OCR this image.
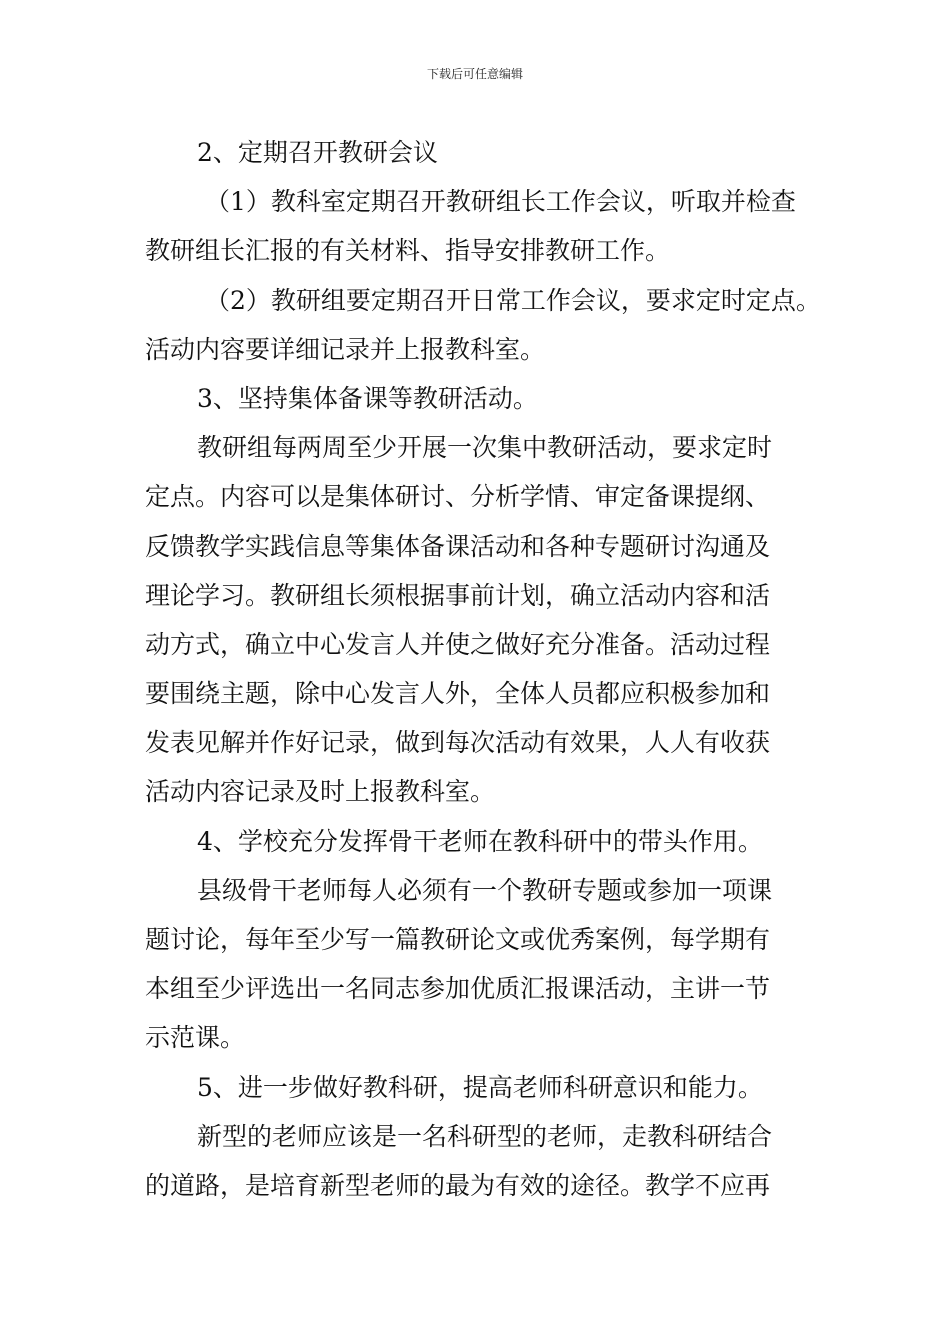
下载后可任意编辑

2、定期召开教研会议

（1）教科室定期召开教研组长工作会议，听取并检查
教研组长汇报的有关材料、指导安排教研工作。

（2）教研组要定期召开日常工作会议，要求定时定点。
活动内容要详细记录并上报教科室。

3、坚持集体备课等教研活动。

教研组每两周至少开展一次集中教研活动，要求定时
定点。内容可以是集体研讨、分析学情、审定备课提纲、
反馈教学实践信息等集体备课活动和各种专题研讨沟通及
理论学习。教研组长须根据事前计划，确立活动内容和活
动方式，确立中心发言人并使之做好充分准备。活动过程
要围绕主题，除中心发言人外，全体人员都应积极参加和
发表见解并作好记录，做到每次活动有效果，人人有收获
活动内容记录及时上报教科室。

4、学校充分发挥骨干老师在教科研中的带头作用。

县级骨干老师每人必须有一个教研专题或参加一项课
题讨论，每年至少写一篇教研论文或优秀案例，每学期有
本组至少评选出一名同志参加优质汇报课活动，主讲一节
示范课。

5、进一步做好教科研，提高老师科研意识和能力。

新型的老师应该是一名科研型的老师，走教科研结合
的道路，是培育新型老师的最为有效的途径。教学不应再
